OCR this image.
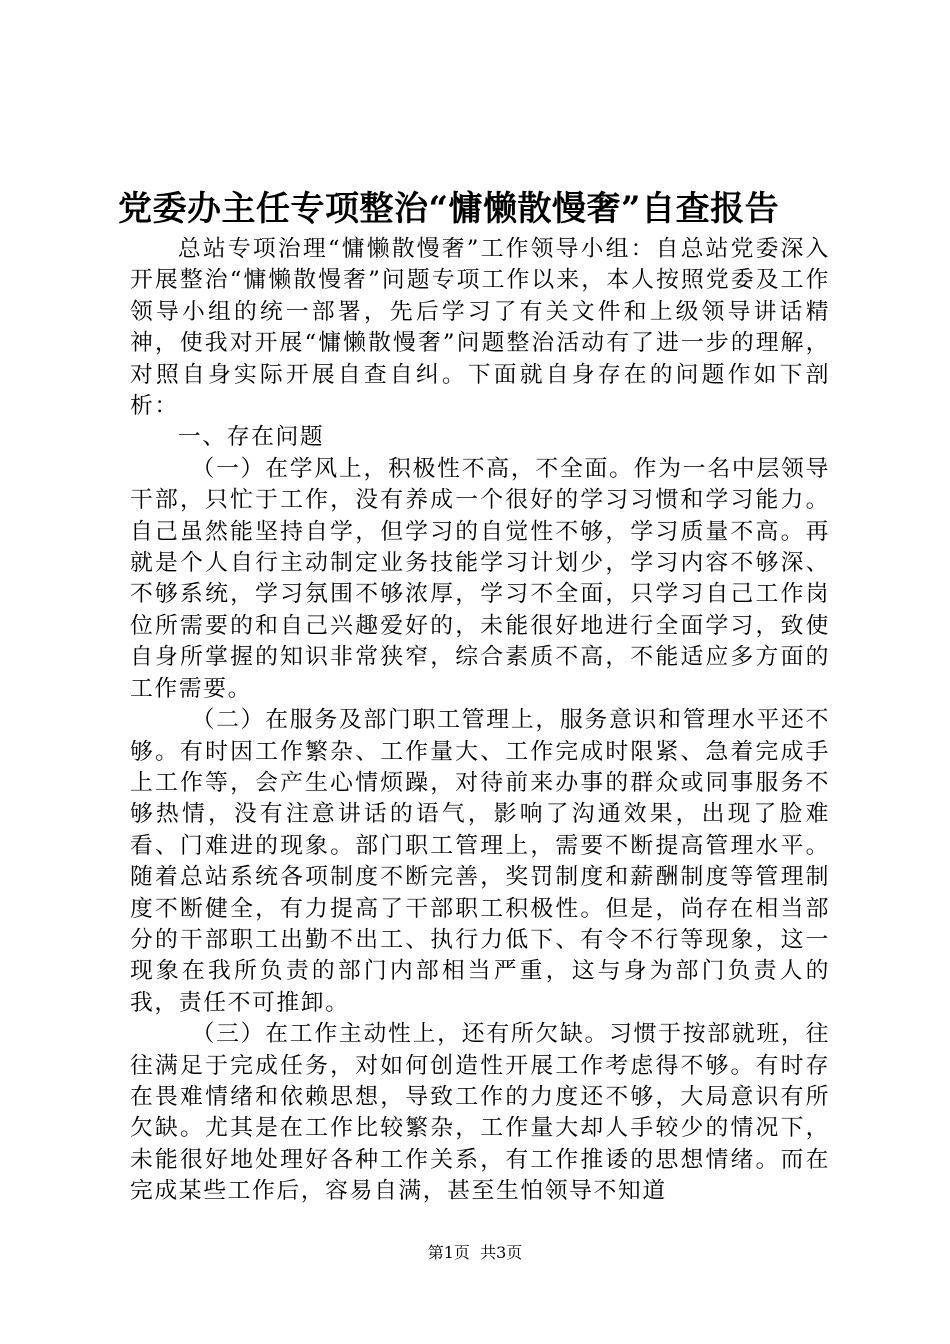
党委办主任专项整治“慵懒散慢奢”自查报告

总站专项治理“慵懒散慢奢”工作领导小组：自总站党委深入开展整治“慵懒散慢奢”问题专项工作以来，本人按照党委及工作领导小组的统一部署，先后学习了有关文件和上级领导讲话精神，使我对开展“慵懒散慢奢”问题整治活动有了进一步的理解，对照自身实际开展自查自纠。下面就自身存在的问题作如下剖析：

一、存在问题

（一）在学风上，积极性不高，不全面。作为一名中层领导干部，只忙于工作，没有养成一个很好的学习习惯和学习能力。自己虽然能坚持自学，但学习的自觉性不够，学习质量不高。再就是个人自行主动制定业务技能学习计划少，学习内容不够深、不够系统，学习氛围不够浓厚，学习不全面，只学习自己工作岗位所需要的和自己兴趣爱好的，未能很好地进行全面学习，致使自身所掌握的知识非常狭窄，综合素质不高，不能适应多方面的工作需要。

（二）在服务及部门职工管理上，服务意识和管理水平还不够。有时因工作繁杂、工作量大、工作完成时限紧、急着完成手上工作等，会产生心情烦躁，对待前来办事的群众或同事服务不够热情，没有注意讲话的语气，影响了沟通效果，出现了脸难看、门难进的现象。部门职工管理上，需要不断提高管理水平。随着总站系统各项制度不断完善，奖罚制度和薪酬制度等管理制度不断健全，有力提高了干部职工积极性。但是，尚存在相当部分的干部职工出勤不出工、执行力低下、有令不行等现象，这一现象在我所负责的部门内部相当严重，这与身为部门负责人的我，责任不可推卸。

（三）在工作主动性上，还有所欠缺。习惯于按部就班，往往满足于完成任务，对如何创造性开展工作考虑得不够。有时存在畏难情绪和依赖思想，导致工作的力度还不够，大局意识有所欠缺。尤其是在工作比较繁杂，工作量大却人手较少的情况下，未能很好地处理好各种工作关系，有工作推诿的思想情绪。而在完成某些工作后，容易自满，甚至生怕领导不知道

第1页 共3页
